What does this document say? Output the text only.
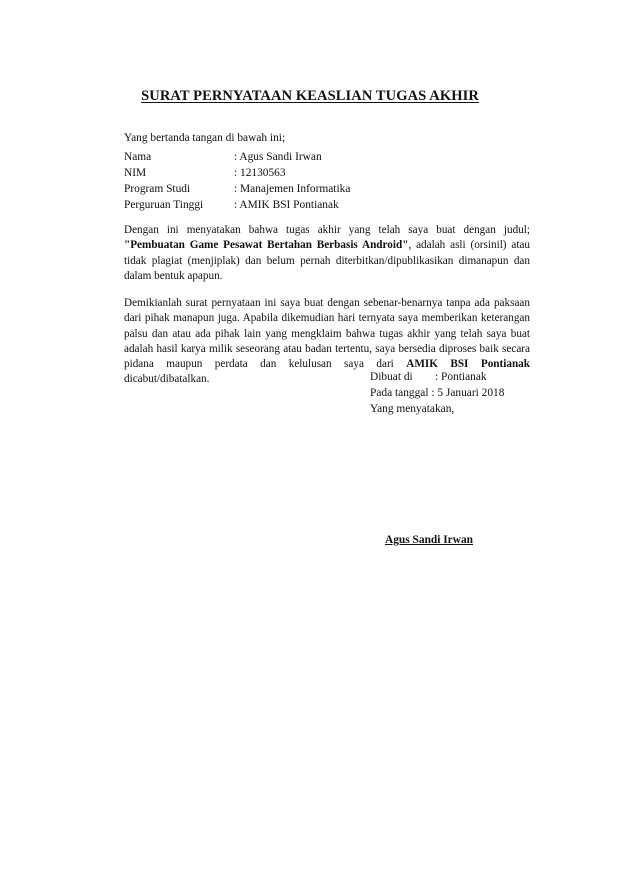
SURAT PERNYATAAN KEASLIAN TUGAS AKHIR
Yang bertanda tangan di bawah ini;
Nama	: Agus Sandi Irwan
NIM	: 12130563
Program Studi	: Manajemen Informatika
Perguruan Tinggi	: AMIK BSI Pontianak

Dengan ini menyatakan bahwa tugas akhir yang telah saya buat dengan judul; "Pembuatan Game Pesawat Bertahan Berbasis Android", adalah asli (orsinil) atau tidak plagiat (menjiplak) dan belum pernah diterbitkan/dipublikasikan dimanapun dan dalam bentuk apapun.

Demikianlah surat pernyataan ini saya buat dengan sebenar-benarnya tanpa ada paksaan dari pihak manapun juga. Apabila dikemudian hari ternyata saya memberikan keterangan palsu dan atau ada pihak lain yang mengklaim bahwa tugas akhir yang telah saya buat adalah hasil karya milik seseorang atau badan tertentu, saya bersedia diproses baik secara pidana maupun perdata dan kelulusan saya dari AMIK BSI Pontianak dicabut/dibatalkan.	Dibuat di	: Pontianak
Pada tanggal : 5 Januari 2018
Yang menyatakan,
Agus Sandi Irwan
